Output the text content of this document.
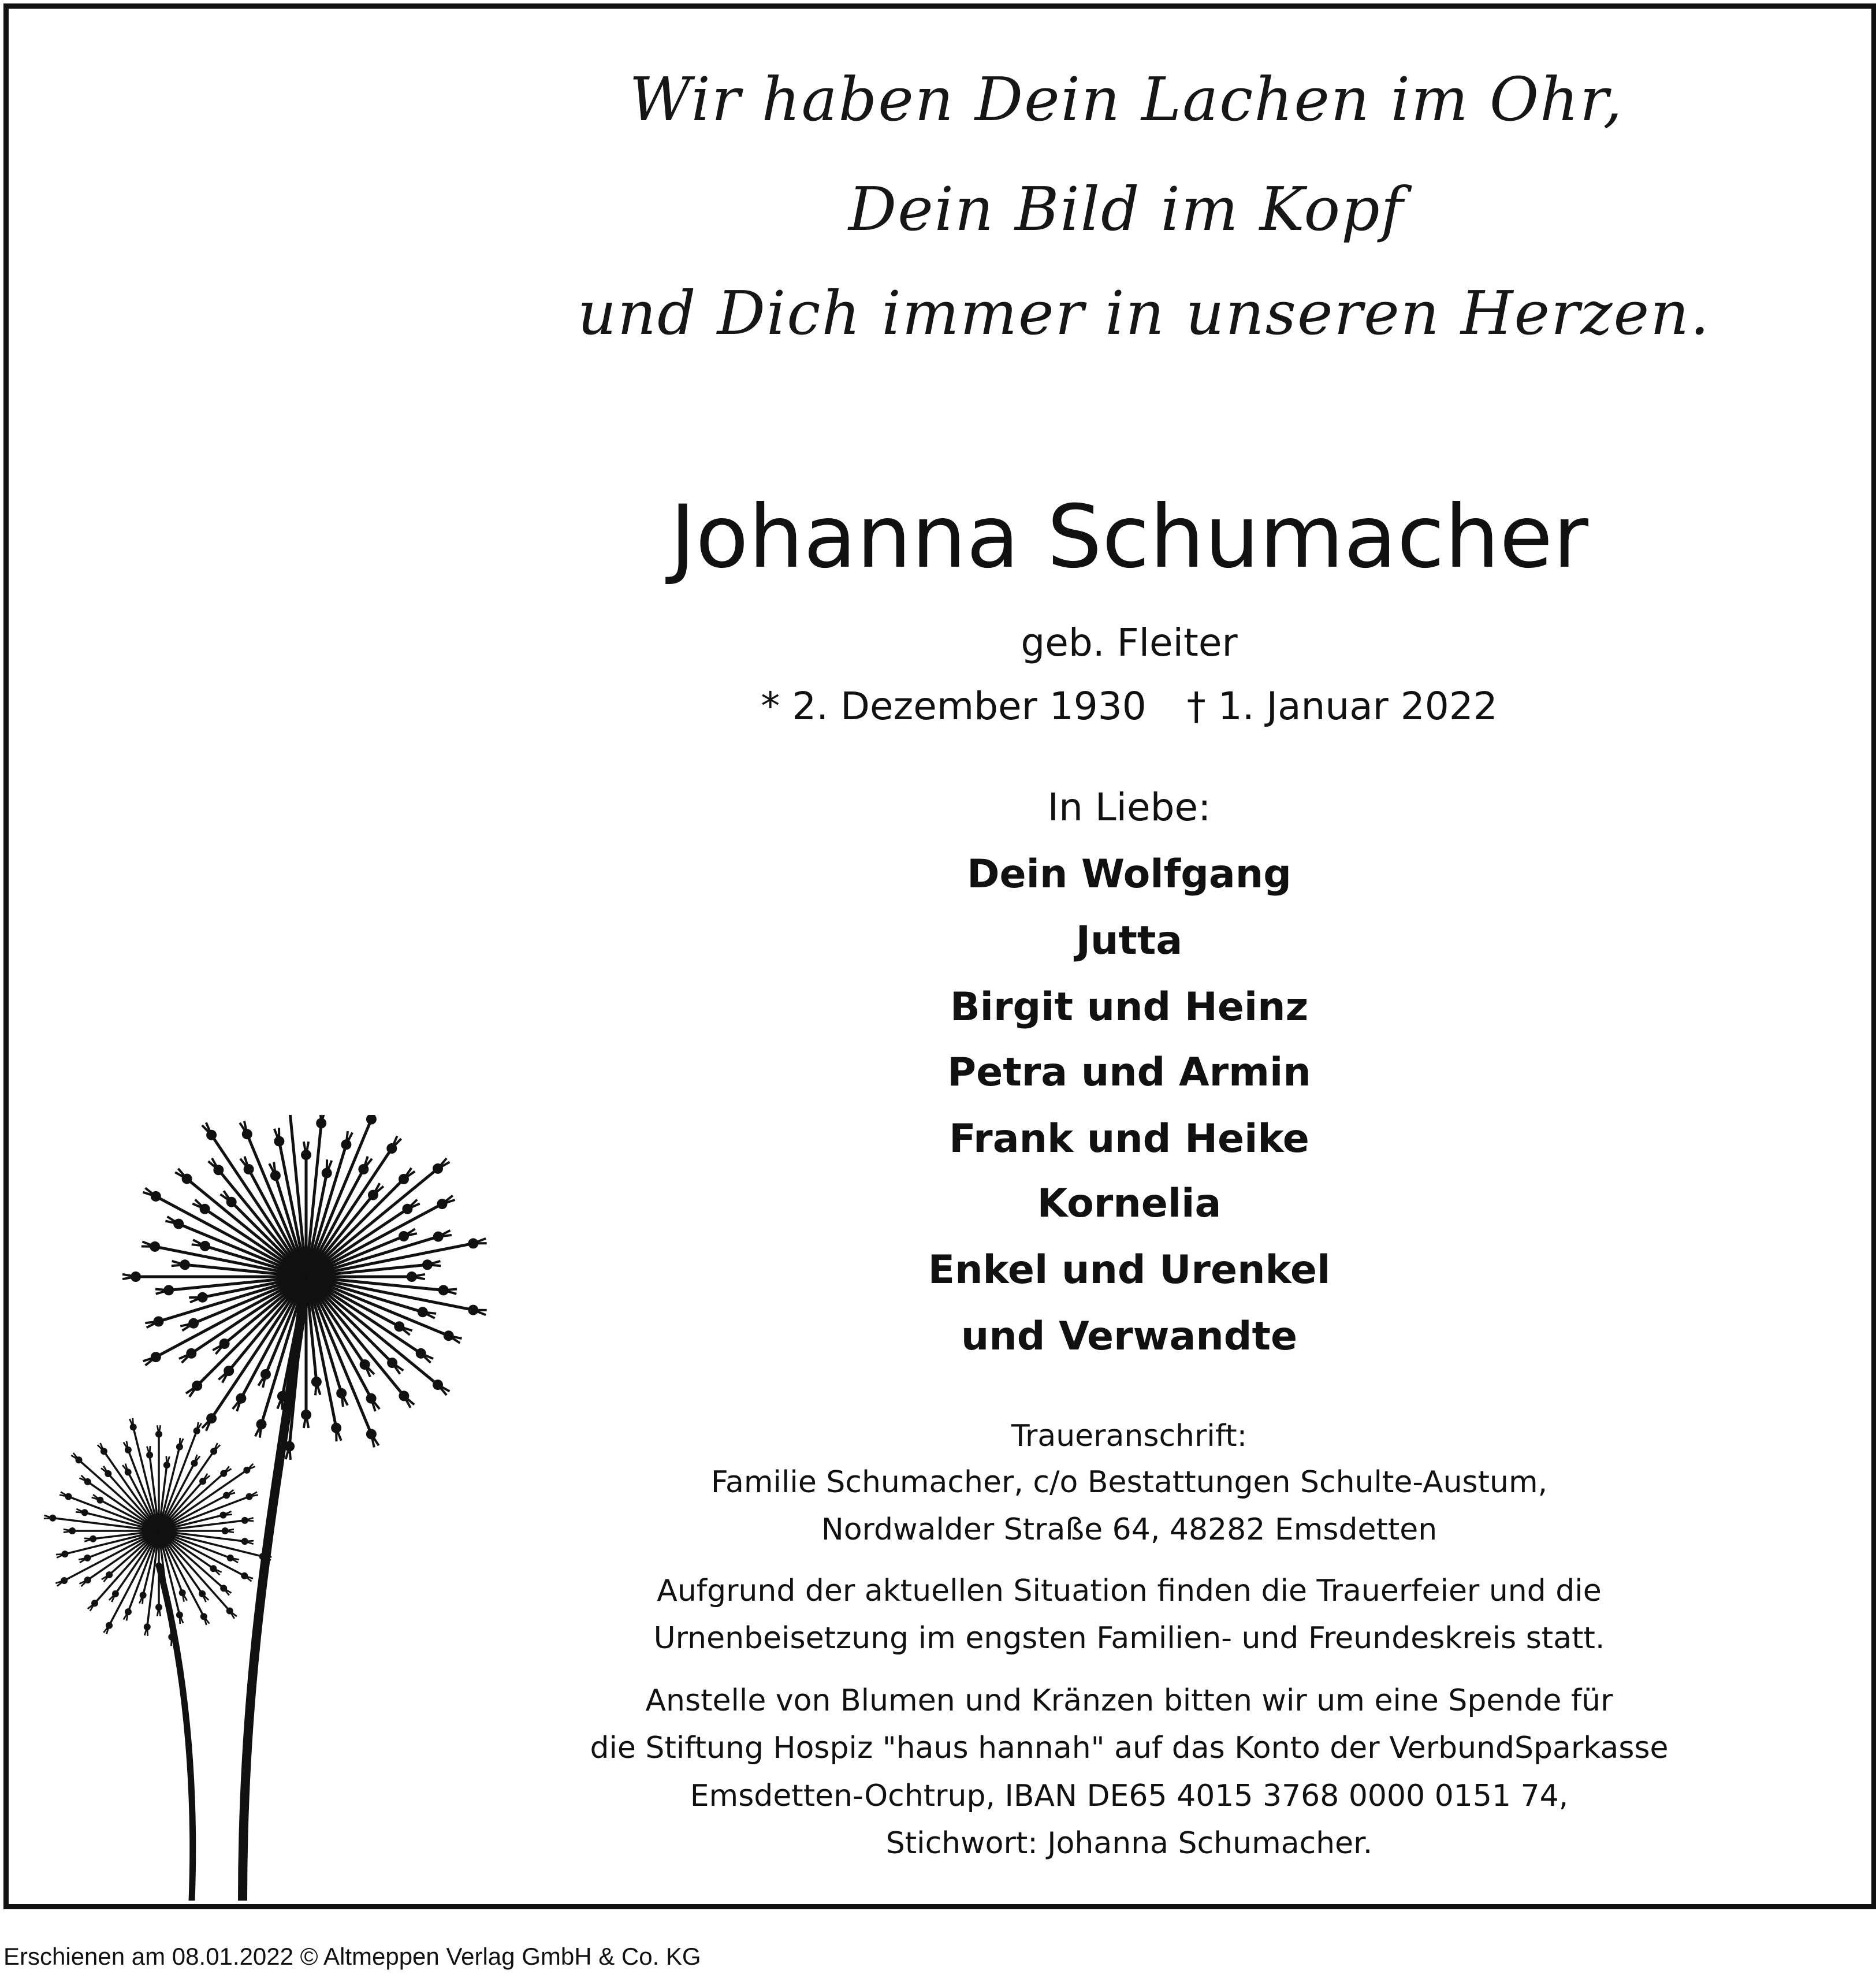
Wir haben Dein Lachen im Ohr,
Dein Bild im Kopf
und Dich immer in unseren Herzen.
Johanna Schumacher
geb. Fleiter
* 2. Dezember 1930 † 1. Januar 2022
In Liebe:
Dein Wolfgang
Jutta
Birgit und Heinz
Petra und Armin
Frank und Heike
Kornelia
Enkel und Urenkel
und Verwandte
Traueranschrift:
Familie Schumacher, c/o Bestattungen Schulte-Austum,
Nordwalder Straße 64, 48282 Emsdetten
Aufgrund der aktuellen Situation finden die Trauerfeier und die
Urnenbeisetzung im engsten Familien- und Freundeskreis statt.
Anstelle von Blumen und Kränzen bitten wir um eine Spende für
die Stiftung Hospiz "haus hannah" auf das Konto der VerbundSparkasse
Emsdetten-Ochtrup, IBAN DE65 4015 3768 0000 0151 74,
Stichwort: Johanna Schumacher.
Erschienen am 08.01.2022 © Altmeppen Verlag GmbH & Co. KG
